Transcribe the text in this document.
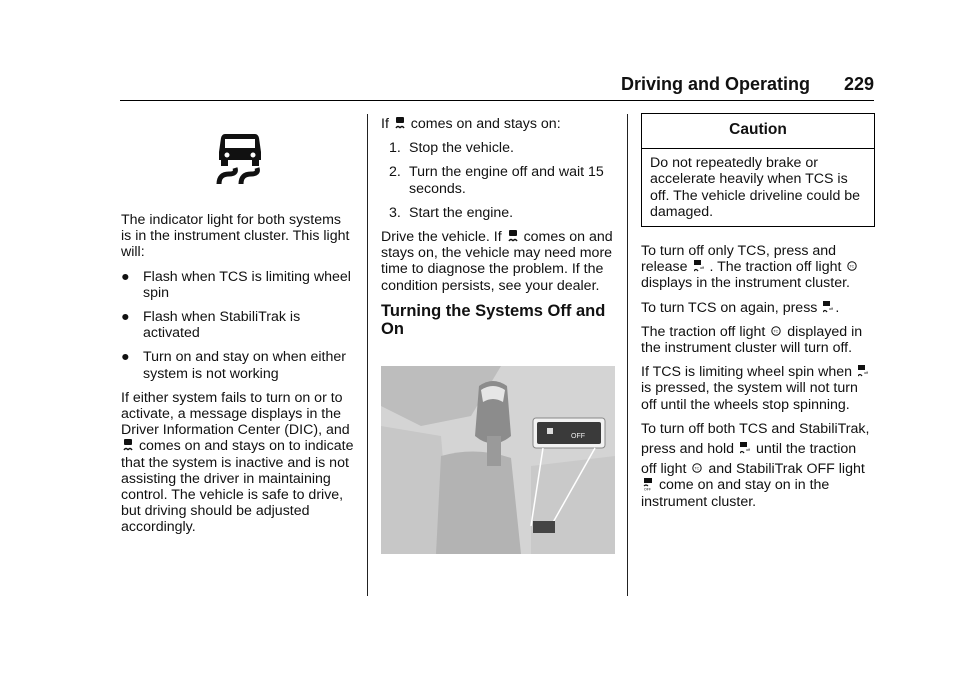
Driving and Operating 229

The indicator light for both systems is in the instrument cluster. This light will:

● Flash when TCS is limiting wheel spin
● Flash when StabiliTrak is activated
● Turn on and stay on when either system is not working

If either system fails to turn on or to activate, a message displays in the Driver Information Center (DIC), and
comes on and stays on to indicate that the system is inactive and is not assisting the driver in maintaining control. The vehicle is safe to drive, but driving should be adjusted accordingly.

If comes on and stays on:

1. Stop the vehicle.
2. Turn the engine off and wait 15 seconds.
3. Start the engine.

Drive the vehicle. If comes on and stays on, the vehicle may need more time to diagnose the problem. If the condition persists, see your dealer.

Turning the Systems Off and On
OFF
Caution
Do not repeatedly brake or accelerate heavily when TCS is off. The vehicle driveline could be damaged.

To turn off only TCS, press and release	off . The traction off light TC
displays in the instrument cluster.

To turn TCS on again, press	off .

The traction off light TC displayed in the instrument cluster will turn off.

If TCS is limiting wheel spin when	off
is pressed, the system will not turn off until the wheels stop spinning.

To turn off both TCS and StabiliTrak,

press and hold	off until the traction

off light TC and StabiliTrak OFF light
OFF come on and stay on in the instrument cluster.
